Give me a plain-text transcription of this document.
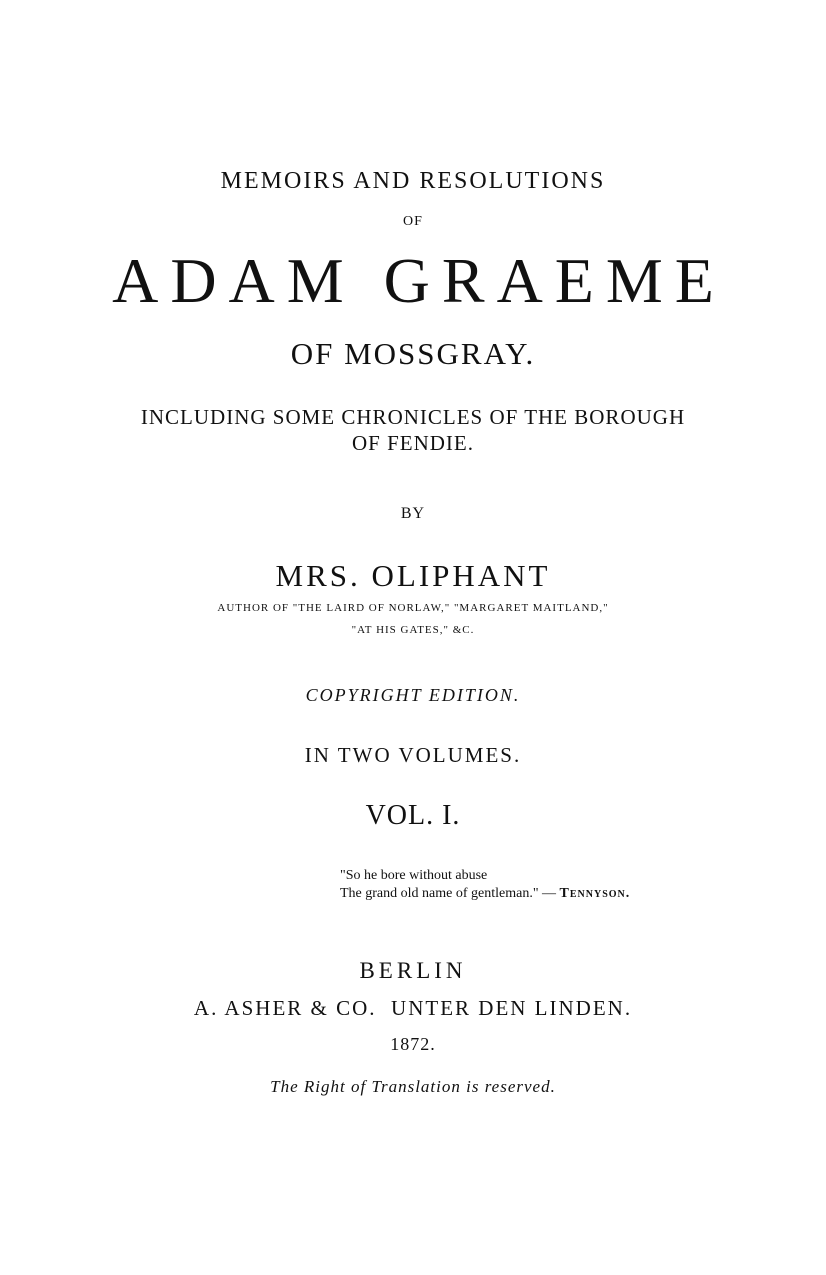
MEMOIRS AND RESOLUTIONS
OF
ADAM GRAEME
OF MOSSGRAY.
INCLUDING SOME CHRONICLES OF THE BOROUGH
OF FENDIE.
BY
MRS. OLIPHANT
AUTHOR OF "THE LAIRD OF NORLAW," "MARGARET MAITLAND,"
"AT HIS GATES," &C.
COPYRIGHT EDITION.
IN TWO VOLUMES.
VOL. I.
"So he bore without abuse
The grand old name of gentleman." — Tennyson.
BERLIN
A. ASHER & CO.  UNTER DEN LINDEN.
1872.
The Right of Translation is reserved.
